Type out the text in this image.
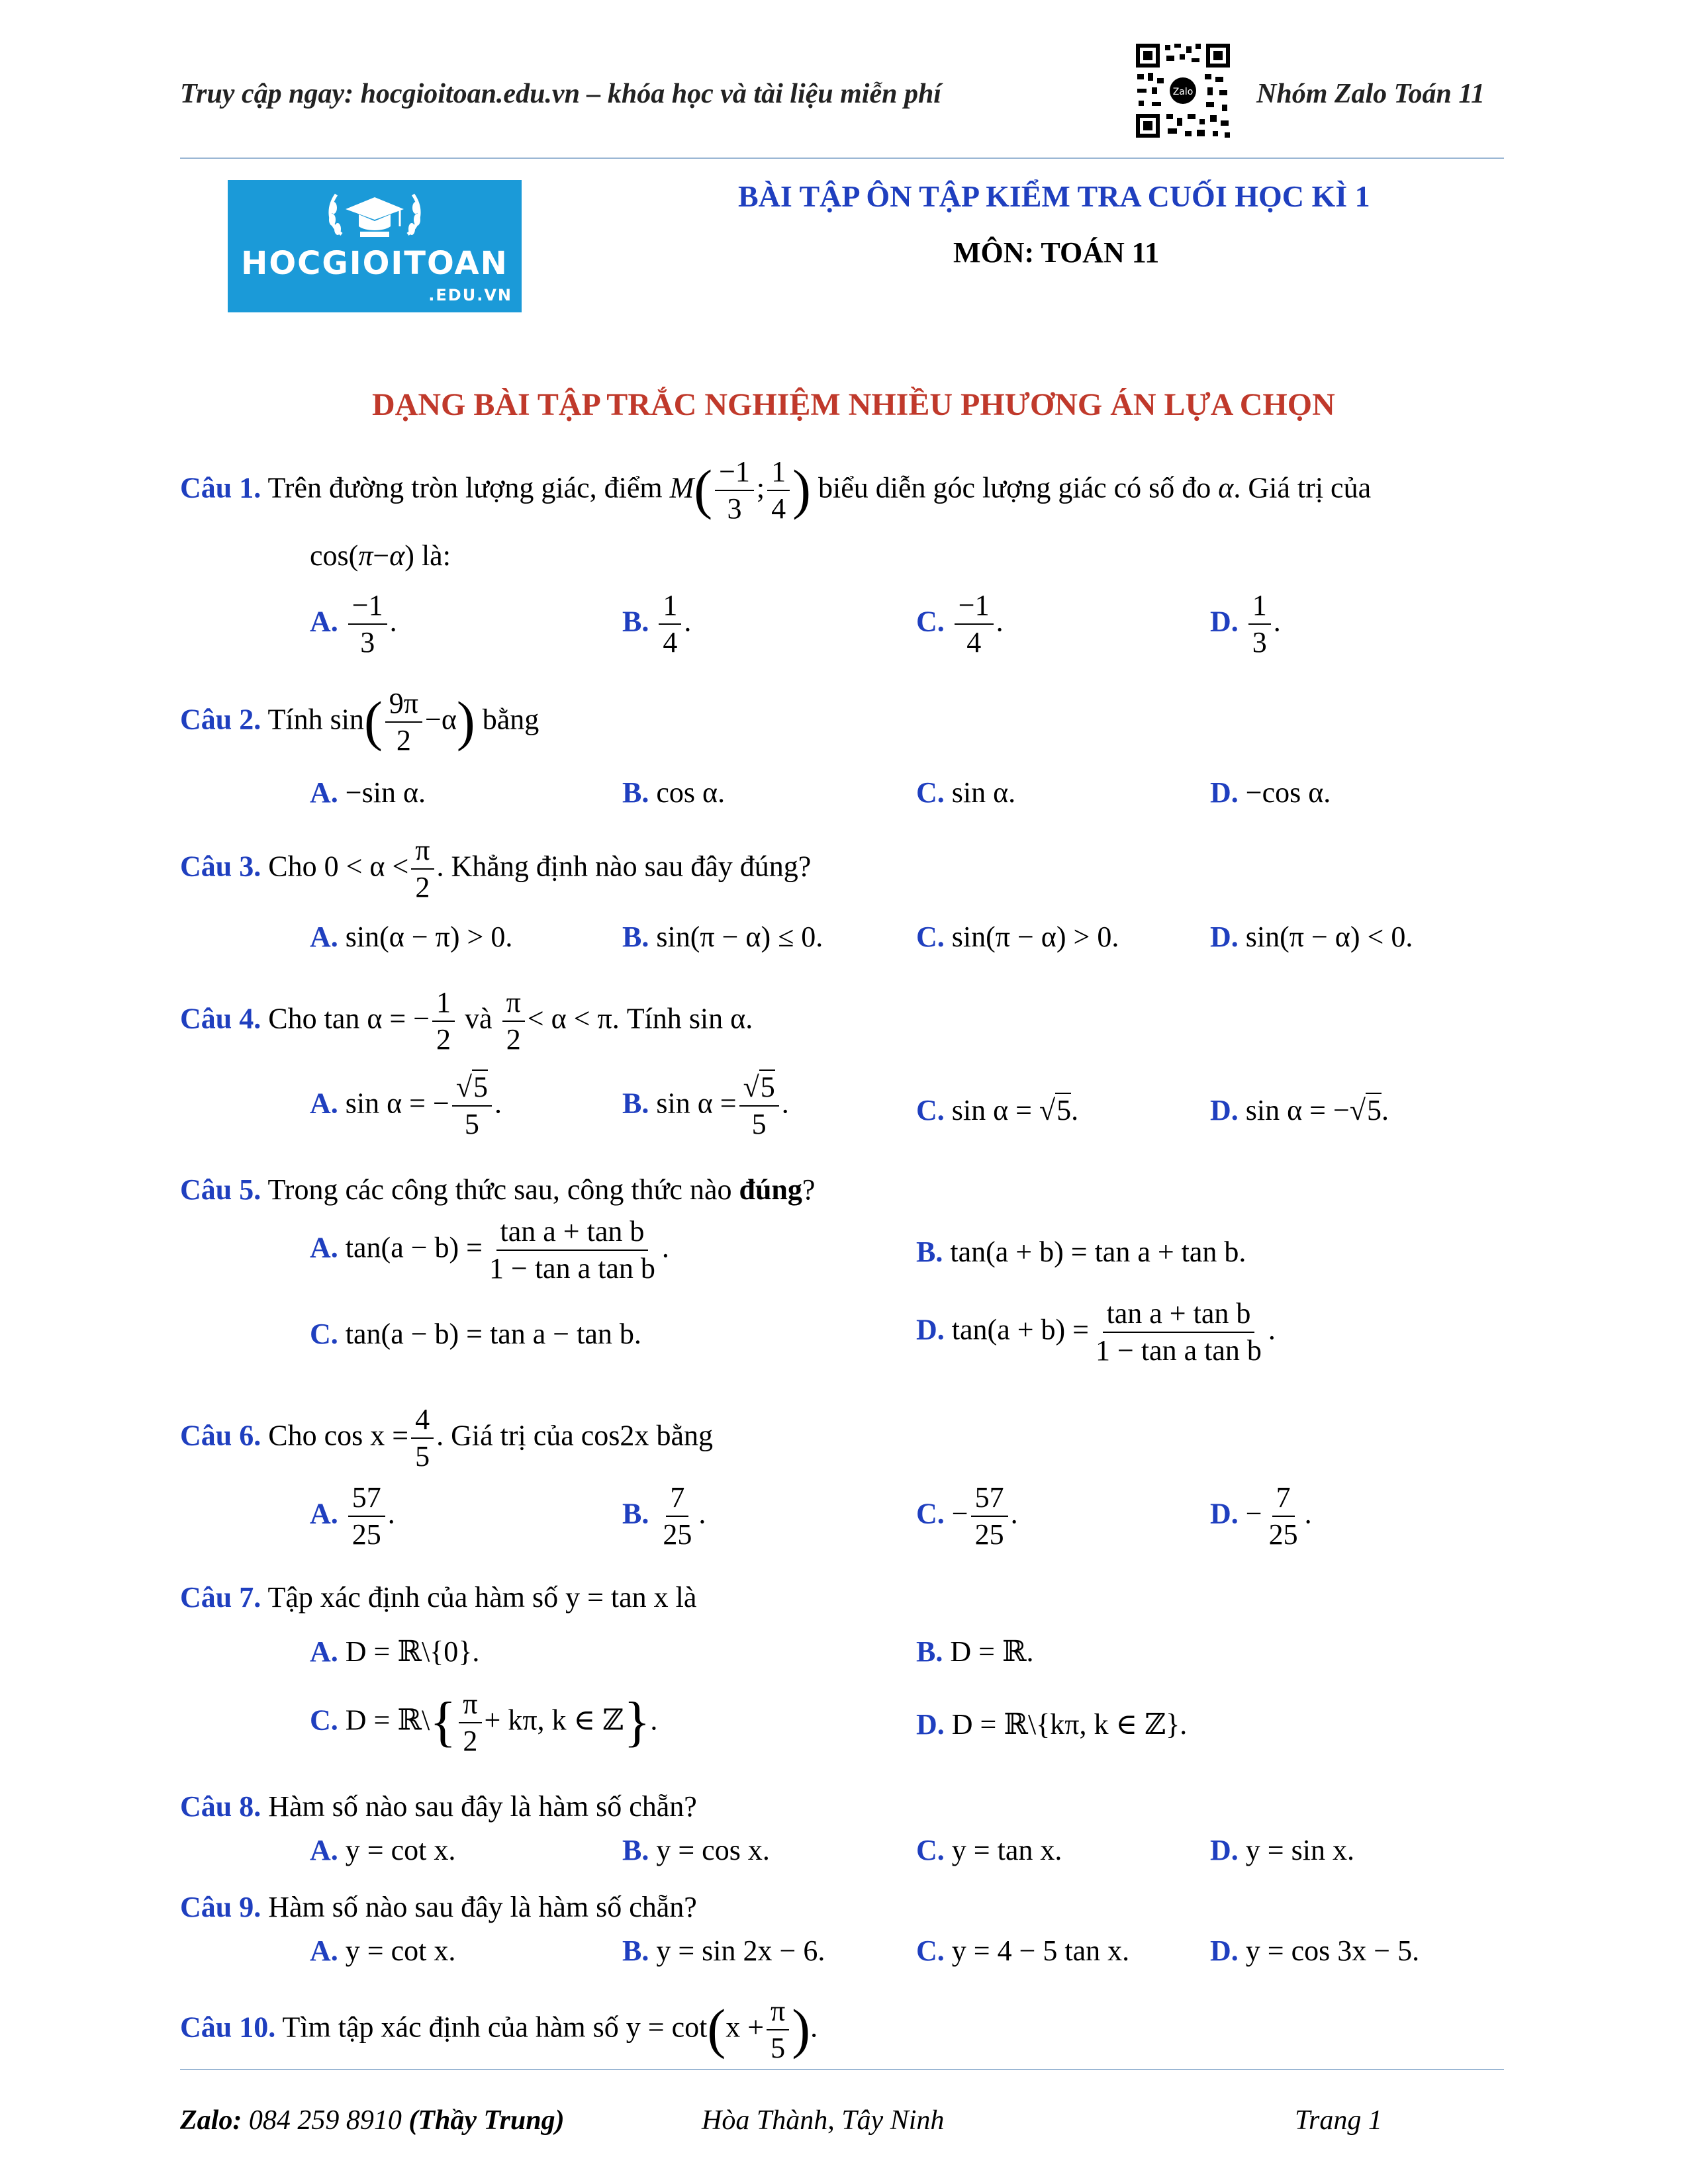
Truy cập ngay: hocgioitoan.edu.vn – khóa học và tài liệu miễn phí	Zalo Nhóm Zalo Toán 11
HOCGIOITOAN
.EDU.VN
BÀI TẬP ÔN TẬP KIỂM TRA CUỐI HỌC KÌ 1
MÔN: TOÁN 11
DẠNG BÀI TẬP TRẮC NGHIỆM NHIỀU PHƯƠNG ÁN LỰA CHỌN
Câu 1. Trên đường tròn lượng giác, điểm $M( \frac{-1}{3}$ ; $\frac{1}{4}$ ) biểu diễn góc lượng giác có số đo α. Giá trị của
cos(π−α) là:
A. $\frac{-1}{3}$ .	B. $\frac{1}{4}$ .	C. $\frac{-1}{4}$ .	D. $\frac{1}{3}$ .
Câu 2. Tính $\sin( \frac{9\pi}{2} -\alpha)$ bằng
A. −sin α.	B. cos α.	C. sin α.	D. −cos α.
Câu 3. Cho $0 < \alpha < \frac{\pi}{2}$ . Khẳng định nào sau đây đúng?
A. sin(α − π) > 0.	B. sin(π − α) ≤ 0.	C. sin(π − α) > 0.	D. sin(π − α) < 0.
Câu 4. Cho tan α = − $\frac{1}{2}$ và $\frac{\pi}{2} < \alpha < \pi$. Tính sin α.
A. sin α = − $\frac{√5}{5}$ .	B. $\sin \alpha = \frac{√5}{5}$ .	C. sin α = √5.	D. sin α = −√5.
Câu 5. Trong các công thức sau, công thức nào đúng?
A. $\tan(a - b) = \frac{\text{tan a + tan b}}{\text{1 − tan a tan b}}$ .	B. tan(a + b) = tan a + tan b.
C. tan(a − b) = tan a − tan b.	D. $\tan(a + b) = \frac{\text{tan a + tan b}}{\text{1 − tan a tan b}}$ .
Câu 6. Cho $\cos x = \frac{4}{5}$ . Giá trị của cos2x bằng
A. $\frac{57}{25}$ .	B. $\frac{7}{25}$ .	C. − $\frac{57}{25}$ .	D. − $\frac{7}{25}$ .
Câu 7. Tập xác định của hàm số y = tan x là
A. D = ℝ\{0}.	B. D = ℝ.
C. D = ℝ\{ $\frac{\pi}{2} + k\pi$, k ∈ ℤ}.	D. D = ℝ\{kπ, k ∈ ℤ}.
Câu 8. Hàm số nào sau đây là hàm số chẵn?
A. y = cot x.	B. y = cos x.	C. y = tan x.	D. y = sin x.
Câu 9. Hàm số nào sau đây là hàm số chẵn?
A. y = cot x.	B. y = sin 2x − 6.	C. y = 4 − 5 tan x.	D. y = cos 3x − 5.
Câu 10. Tìm tập xác định của hàm số $y = \cot(x + \frac{\pi}{5}$ ).
Zalo: 084 259 8910 (Thầy Trung)	Hòa Thành, Tây Ninh	Trang 1
